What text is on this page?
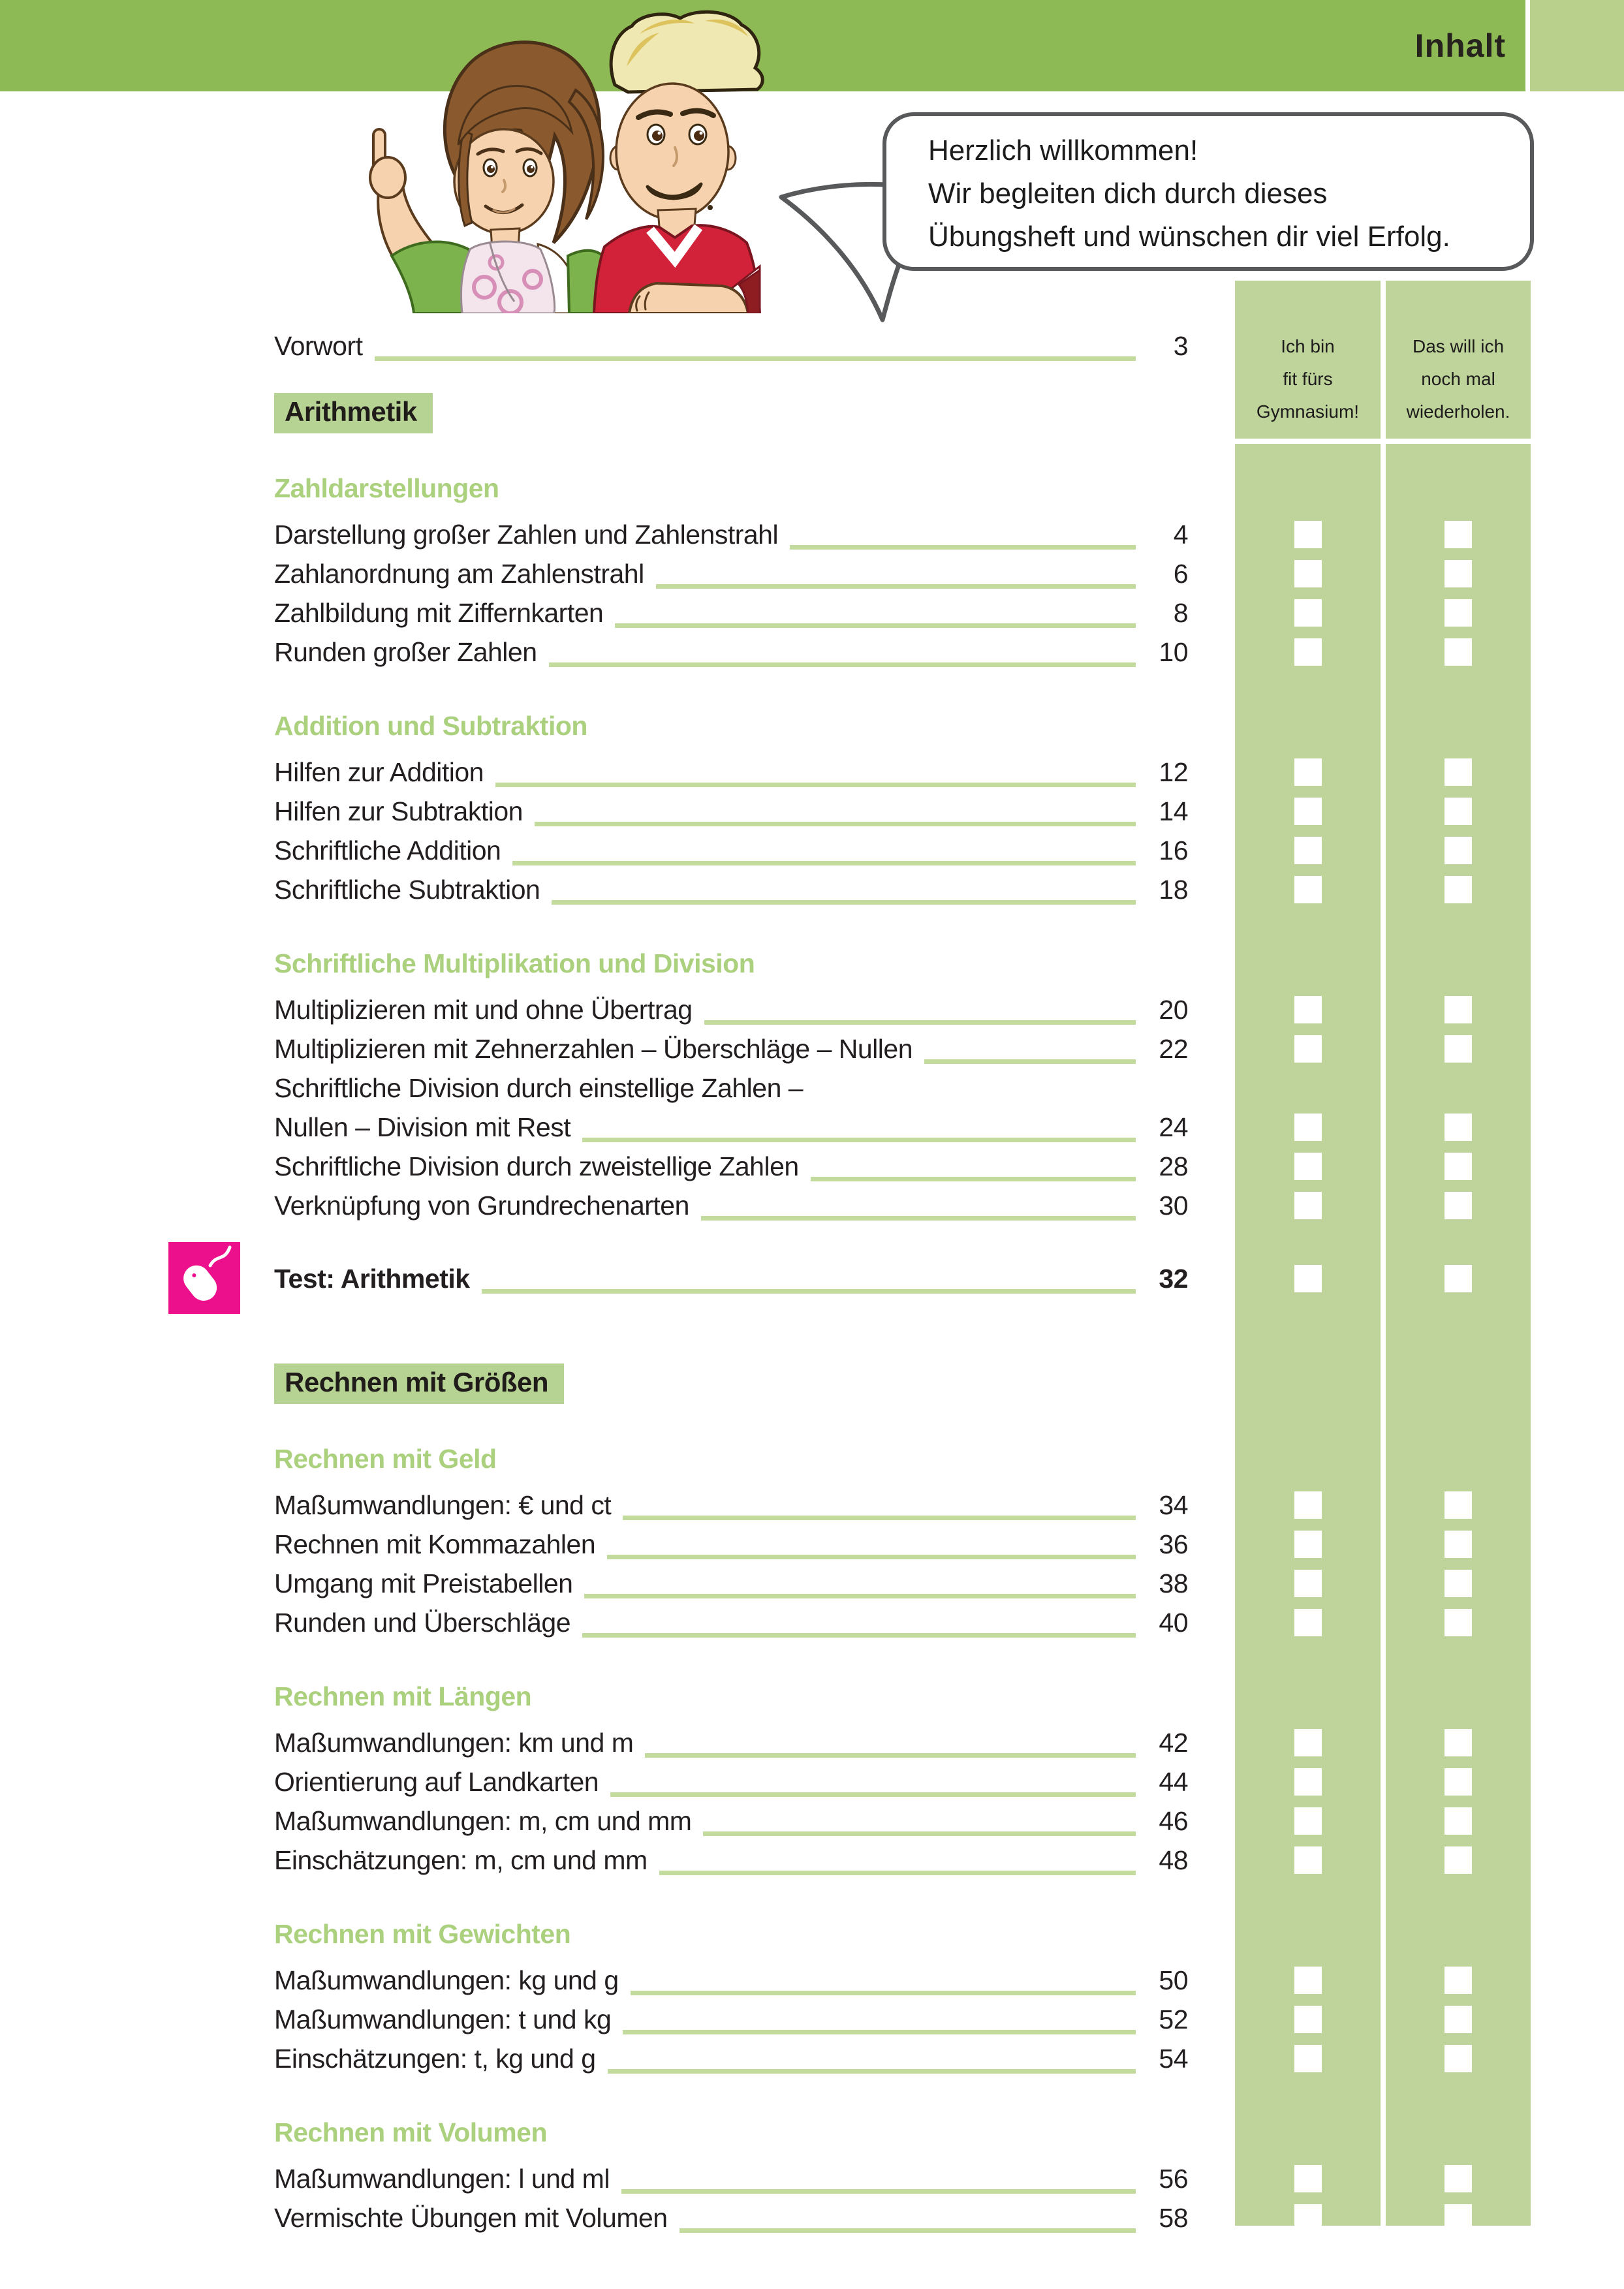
Inhalt
Ich bin
fit fürs
Gymnasium!
Das will ich
noch mal
wiederholen.
Herzlich willkommen!
Wir begleiten dich durch dieses
Übungsheft und wünschen dir viel Erfolg.
Vorwort	3
Arithmetik
Zahldarstellungen
Darstellung großer Zahlen und Zahlenstrahl	4
Zahlanordnung am Zahlenstrahl	6
Zahlbildung mit Ziffernkarten	8
Runden großer Zahlen	10
Addition und Subtraktion
Hilfen zur Addition	12
Hilfen zur Subtraktion	14
Schriftliche Addition	16
Schriftliche Subtraktion	18
Schriftliche Multiplikation und Division
Multiplizieren mit und ohne Übertrag	20
Multiplizieren mit Zehnerzahlen – Überschläge – Nullen	22
Schriftliche Division durch einstellige Zahlen –
Nullen – Division mit Rest	24
Schriftliche Division durch zweistellige Zahlen	28
Verknüpfung von Grundrechenarten	30
Test: Arithmetik	32
Rechnen mit Größen
Rechnen mit Geld
Maßumwandlungen: € und ct	34
Rechnen mit Kommazahlen	36
Umgang mit Preistabellen	38
Runden und Überschläge	40
Rechnen mit Längen
Maßumwandlungen: km und m	42
Orientierung auf Landkarten	44
Maßumwandlungen: m, cm und mm	46
Einschätzungen: m, cm und mm	48
Rechnen mit Gewichten
Maßumwandlungen: kg und g	50
Maßumwandlungen: t und kg	52
Einschätzungen: t, kg und g	54
Rechnen mit Volumen
Maßumwandlungen: l und ml	56
Vermischte Übungen mit Volumen	58
